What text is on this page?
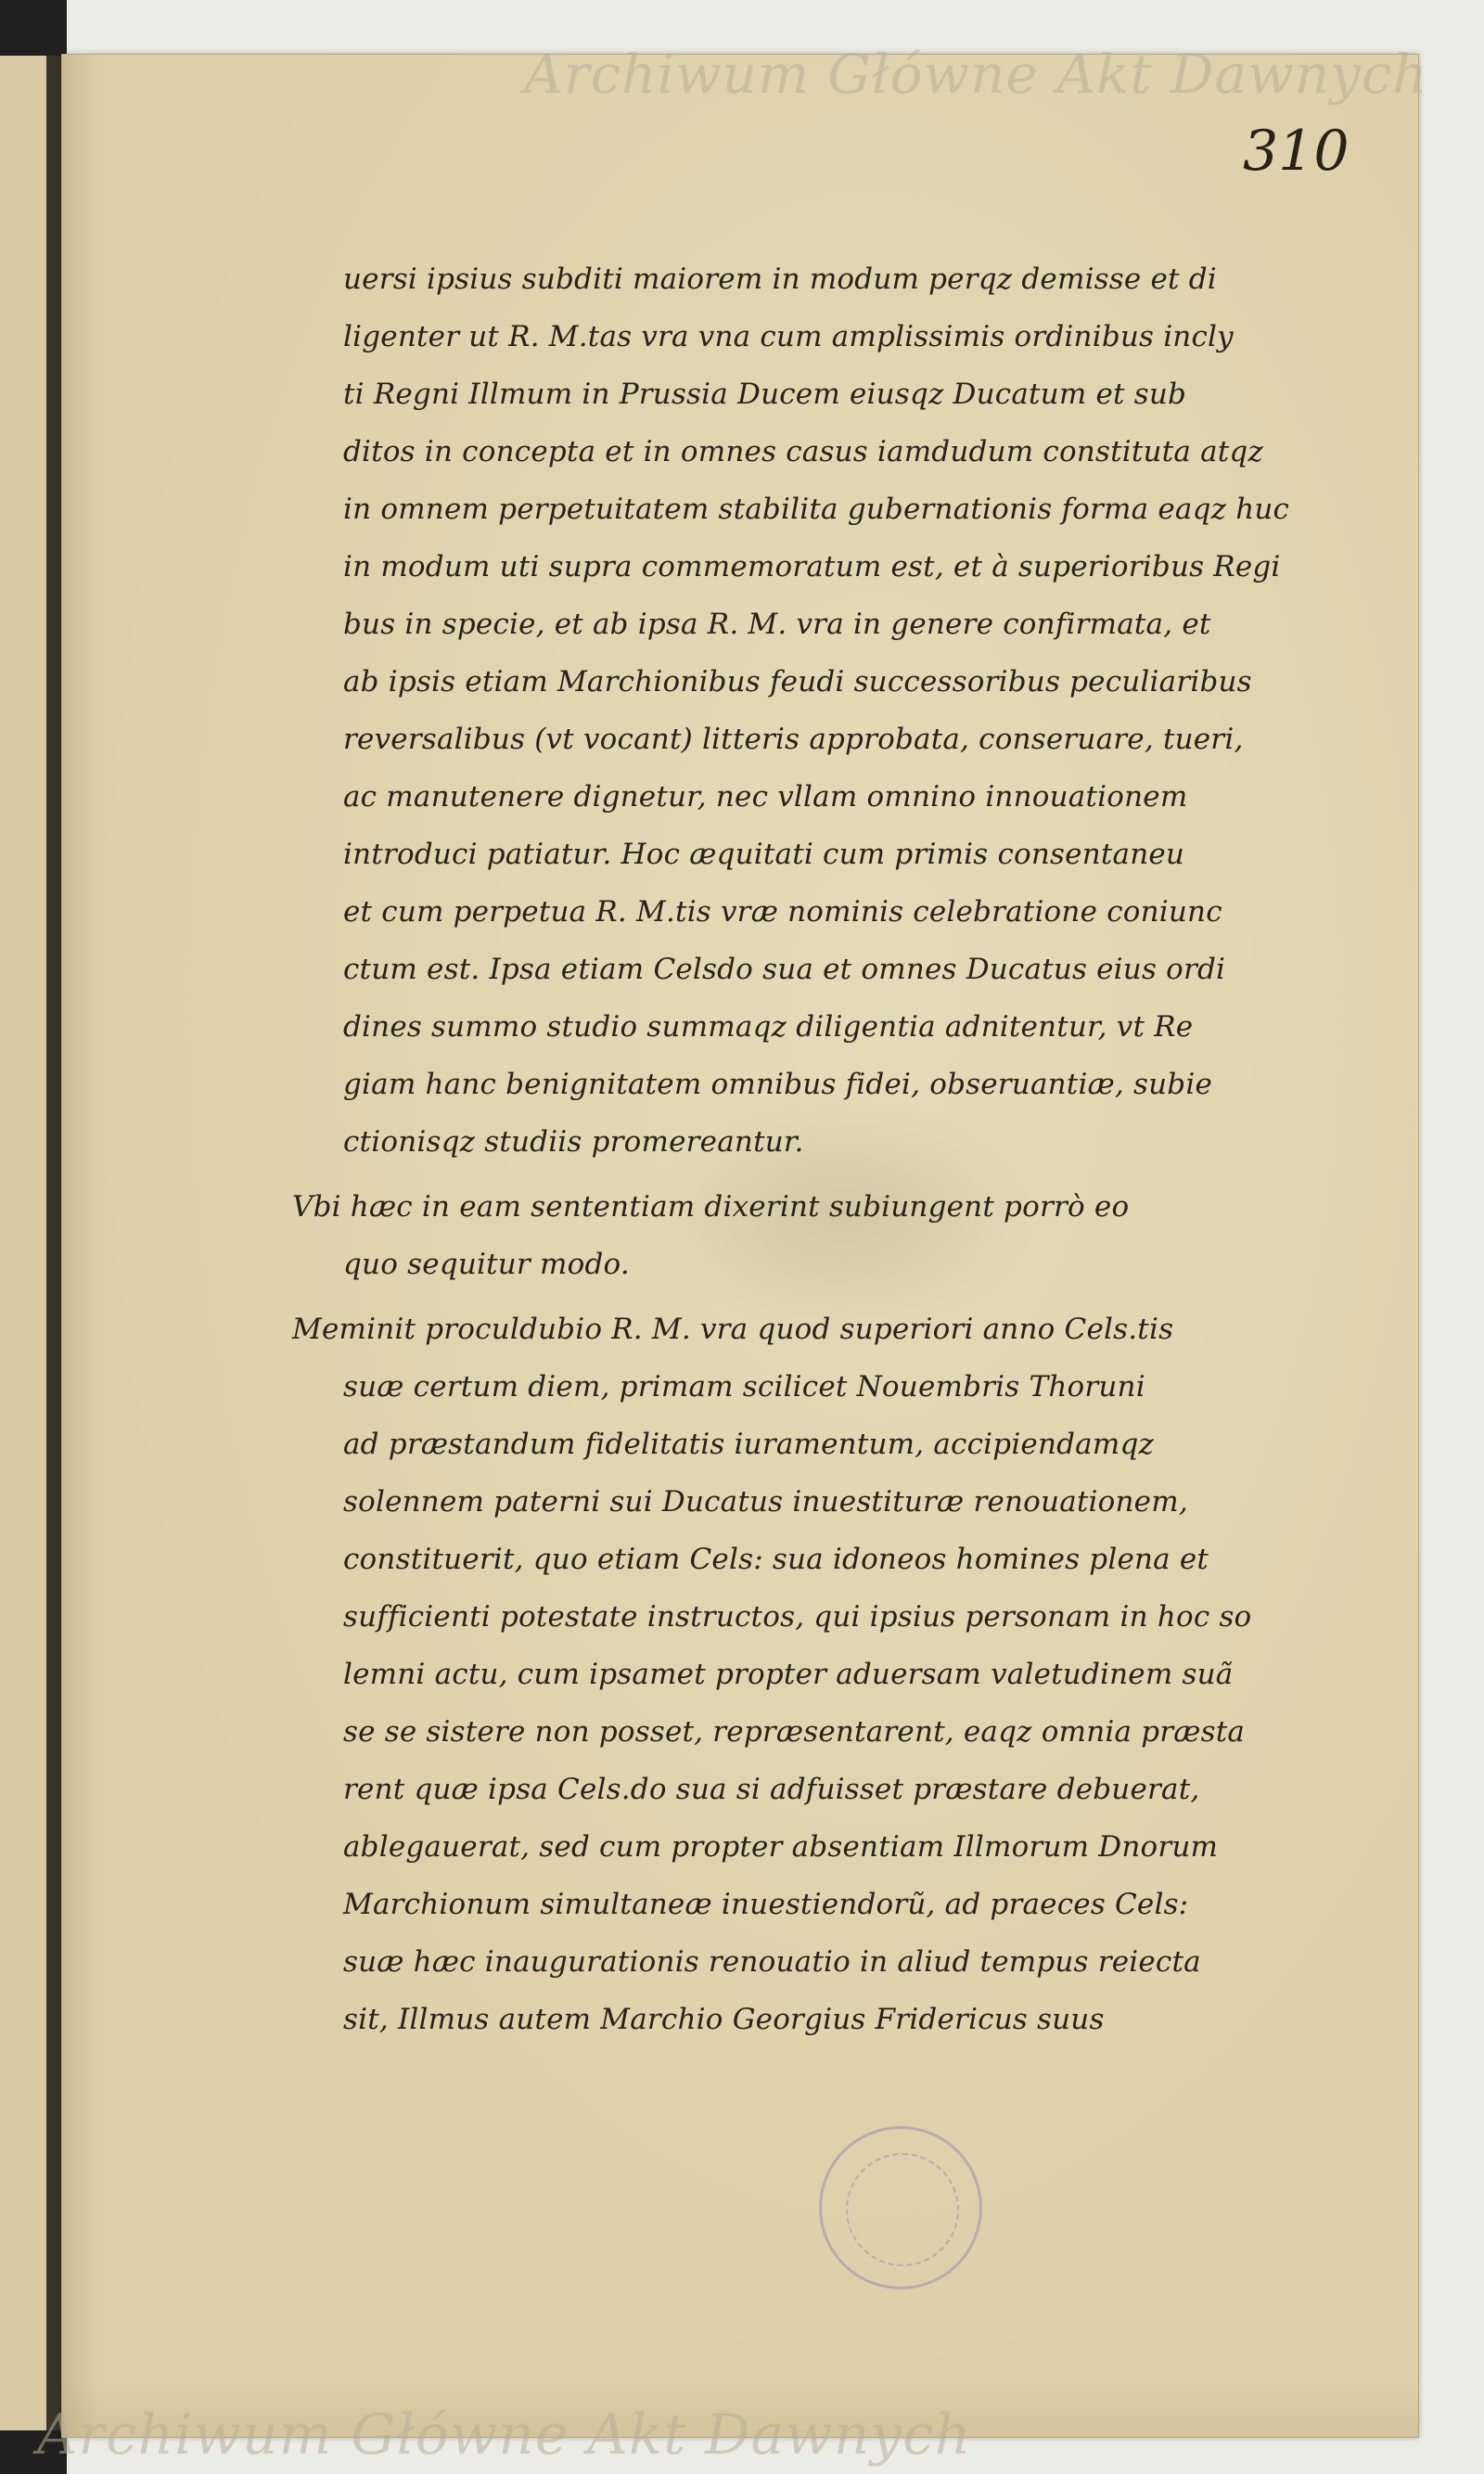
Archiwum Główne Akt Dawnych
310
uersi ipsius subditi maiorem in modum perqz demisse et di
ligenter ut R. M.tas vra vna cum amplissimis ordinibus incly
ti Regni Illmum in Prussia Ducem eiusqz Ducatum et sub
ditos in concepta et in omnes casus iamdudum constituta atqz
in omnem perpetuitatem stabilita gubernationis forma eaqz huc
in modum uti supra commemoratum est, et à superioribus Regi
bus in specie, et ab ipsa R. M. vra in genere confirmata, et
ab ipsis etiam Marchionibus feudi successoribus peculiaribus
reversalibus (vt vocant) litteris approbata, conseruare, tueri,
ac manutenere dignetur, nec vllam omnino innouationem
introduci patiatur. Hoc æquitati cum primis consentaneu
et cum perpetua R. M.tis vræ nominis celebratione coniunc
ctum est. Ipsa etiam Celsdo sua et omnes Ducatus eius ordi
dines summo studio summaqz diligentia adnitentur, vt Re
giam hanc benignitatem omnibus fidei, obseruantiæ, subie
ctionisqz studiis promereantur.
Vbi hæc in eam sententiam dixerint subiungent porrò eo
quo sequitur modo.
Meminit proculdubio R. M. vra quod superiori anno Cels.tis
suæ certum diem, primam scilicet Nouembris Thoruni
ad præstandum fidelitatis iuramentum, accipiendamqz
solennem paterni sui Ducatus inuestituræ renouationem,
constituerit, quo etiam Cels: sua idoneos homines plena et
sufficienti potestate instructos, qui ipsius personam in hoc so
lemni actu, cum ipsamet propter aduersam valetudinem suã
se se sistere non posset, repræsentarent, eaqz omnia præsta
rent quæ ipsa Cels.do sua si adfuisset præstare debuerat,
ablegauerat, sed cum propter absentiam Illmorum Dnorum
Marchionum simultaneæ inuestiendorũ, ad praeces Cels:
suæ hæc inaugurationis renouatio in aliud tempus reiecta
sit, Illmus autem Marchio Georgius Fridericus suus
Archiwum Główne Akt Dawnych
